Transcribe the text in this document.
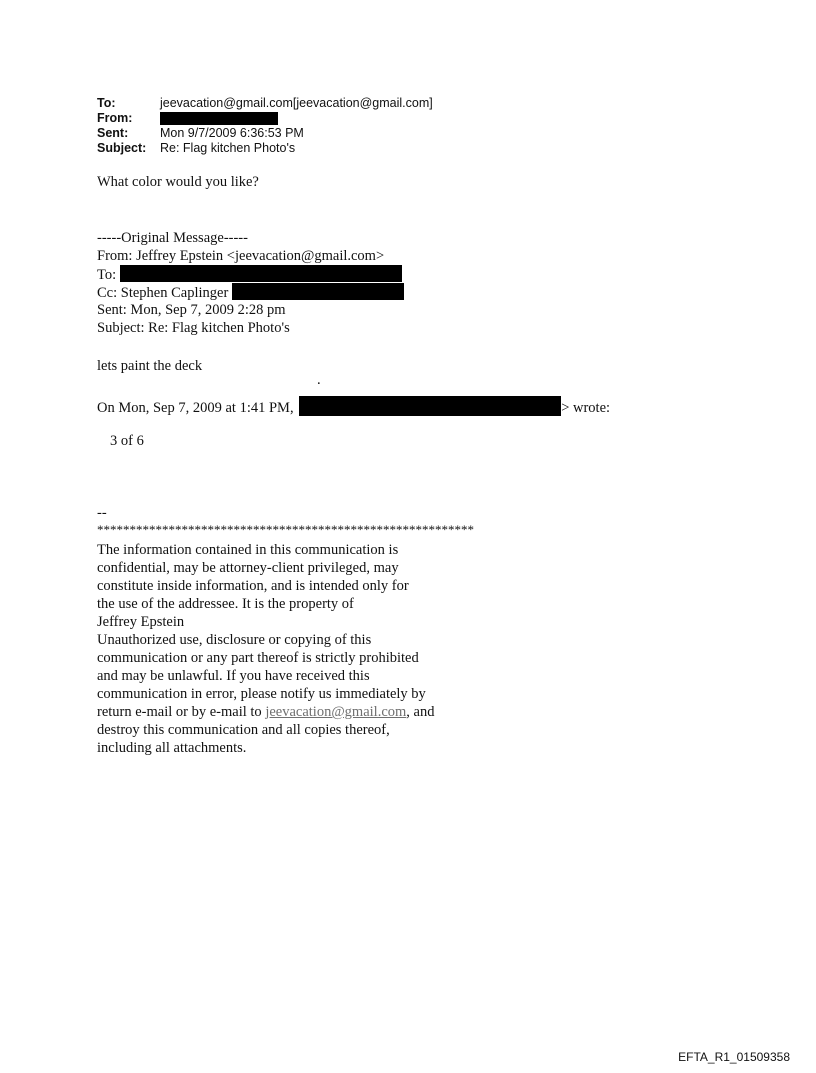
To:	jeevacation@gmail.com[jeevacation@gmail.com]
From:
Sent:	Mon 9/7/2009 6:36:53 PM
Subject:	Re: Flag kitchen Photo's
What color would you like?
-----Original Message-----
From: Jeffrey Epstein <jeevacation@gmail.com>
To:
Cc: Stephen Caplinger
Sent: Mon, Sep 7, 2009 2:28 pm
Subject: Re: Flag kitchen Photo's
lets paint the deck
.
On Mon, Sep 7, 2009 at 1:41 PM,	> wrote:
3 of 6
--
**********************************************************
The information contained in this communication is
confidential, may be attorney-client privileged, may
constitute inside information, and is intended only for
the use of the addressee. It is the property of
Jeffrey Epstein
Unauthorized use, disclosure or copying of this
communication or any part thereof is strictly prohibited
and may be unlawful. If you have received this
communication in error, please notify us immediately by
return e-mail or by e-mail to jeevacation@gmail.com, and
destroy this communication and all copies thereof,
including all attachments.
EFTA_R1_01509358
